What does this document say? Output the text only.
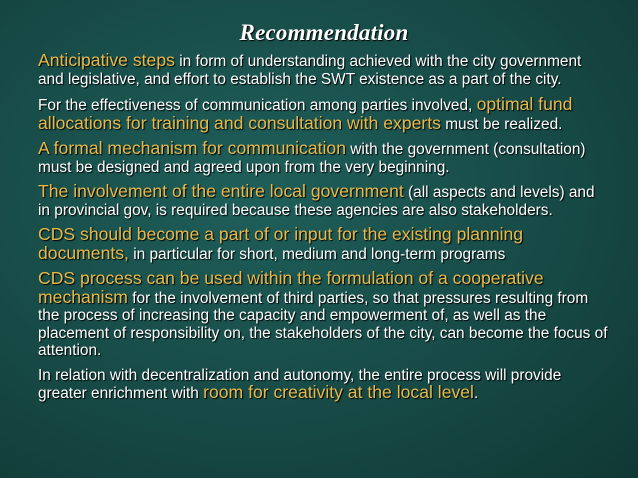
Recommendation

Anticipative steps in form of understanding achieved with the city government and legislative, and effort to establish the SWT existence as a part of the city.

For the effectiveness of communication among parties involved, optimal fund allocations for training and consultation with experts must be realized.

A formal mechanism for communication with the government (consultation) must be designed and agreed upon from the very beginning.

The involvement of the entire local government (all aspects and levels) and in provincial gov, is required because these agencies are also stakeholders.

CDS should become a part of or input for the existing planning documents, in particular for short, medium and long-term programs

CDS process can be used within the formulation of a cooperative mechanism for the involvement of third parties, so that pressures resulting from the process of increasing the capacity and empowerment of, as well as the placement of responsibility on, the stakeholders of the city, can become the focus of attention.

In relation with decentralization and autonomy, the entire process will provide greater enrichment with room for creativity at the local level.
